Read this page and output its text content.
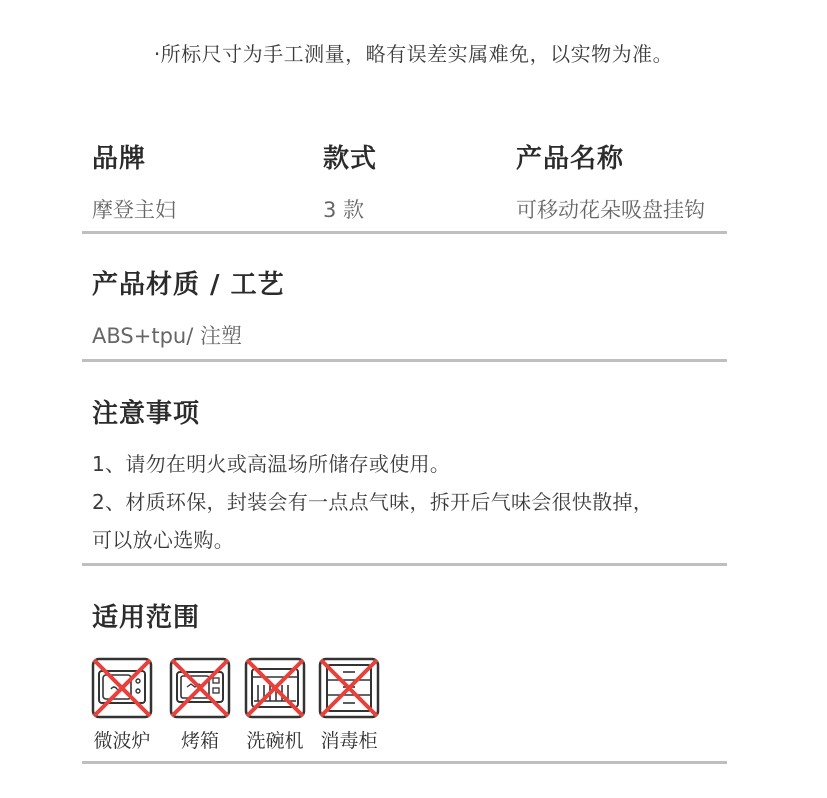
·所标尺寸为手工测量，略有误差实属难免，以实物为准。
品牌	款式	产品名称
摩登主妇	3 款	可移动花朵吸盘挂钩
产品材质 / 工艺
ABS+tpu/ 注塑
注意事项
1、请勿在明火或高温场所储存或使用。
2、材质环保，封装会有一点点气味，拆开后气味会很快散掉，
可以放心选购。
适用范围
微波炉	烤箱	洗碗机 消毒柜
